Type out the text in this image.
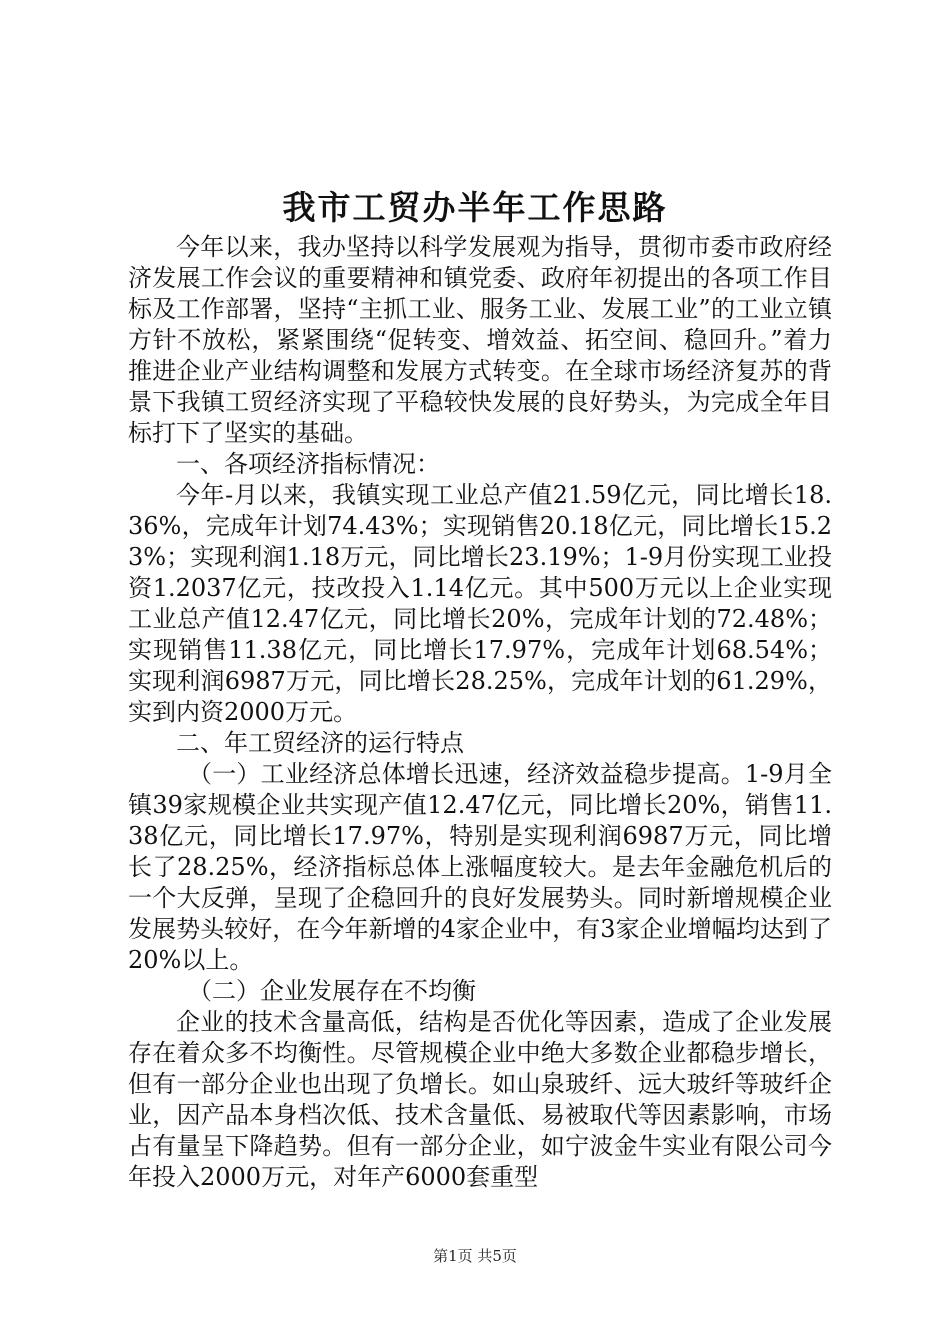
我市工贸办半年工作思路

今年以来，我办坚持以科学发展观为指导，贯彻市委市政府经济发展工作会议的重要精神和镇党委、政府年初提出的各项工作目标及工作部署，坚持“主抓工业、服务工业、发展工业”的工业立镇方针不放松，紧紧围绕“促转变、增效益、拓空间、稳回升。”着力推进企业产业结构调整和发展方式转变。在全球市场经济复苏的背景下我镇工贸经济实现了平稳较快发展的良好势头，为完成全年目标打下了坚实的基础。

一、各项经济指标情况：

今年-月以来，我镇实现工业总产值21.59亿元，同比增长18.36%，完成年计划74.43%；实现销售20.18亿元，同比增长15.23%；实现利润1.18万元，同比增长23.19%；1-9月份实现工业投资1.2037亿元，技改投入1.14亿元。其中500万元以上企业实现工业总产值12.47亿元，同比增长20%，完成年计划的72.48%；实现销售11.38亿元，同比增长17.97%，完成年计划68.54%；实现利润6987万元，同比增长28.25%，完成年计划的61.29%，实到内资2000万元。

二、年工贸经济的运行特点

（一）工业经济总体增长迅速，经济效益稳步提高。1-9月全镇39家规模企业共实现产值12.47亿元，同比增长20%，销售11.38亿元，同比增长17.97%，特别是实现利润6987万元，同比增长了28.25%，经济指标总体上涨幅度较大。是去年金融危机后的一个大反弹，呈现了企稳回升的良好发展势头。同时新增规模企业发展势头较好，在今年新增的4家企业中，有3家企业增幅均达到了20%以上。

（二）企业发展存在不均衡

企业的技术含量高低，结构是否优化等因素，造成了企业发展存在着众多不均衡性。尽管规模企业中绝大多数企业都稳步增长，但有一部分企业也出现了负增长。如山泉玻纤、远大玻纤等玻纤企业，因产品本身档次低、技术含量低、易被取代等因素影响，市场占有量呈下降趋势。但有一部分企业，如宁波金牛实业有限公司今年投入2000万元，对年产6000套重型

第1页 共5页
